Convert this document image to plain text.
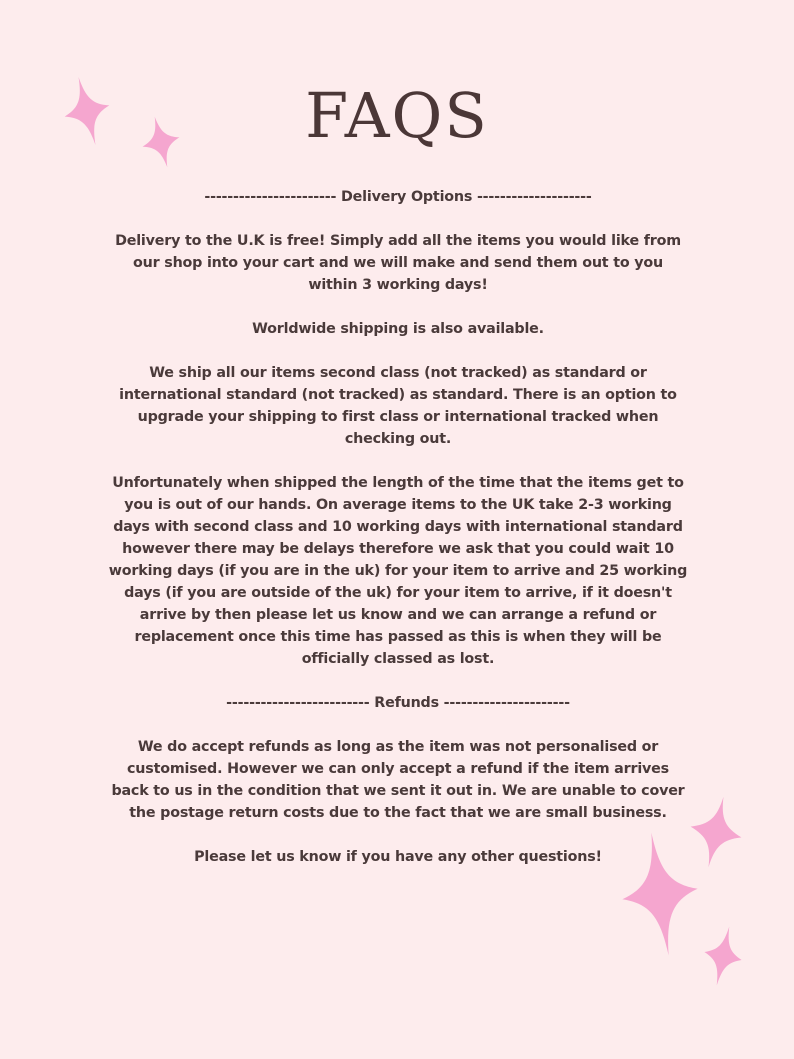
FAQS
----------------------- Delivery Options --------------------

Delivery to the U.K is free! Simply add all the items you would like from our shop into your cart and we will make and send them out to you within 3 working days!

Worldwide shipping is also available.

We ship all our items second class (not tracked) as standard or international standard (not tracked) as standard. There is an option to upgrade your shipping to first class or international tracked when checking out.

Unfortunately when shipped the length of the time that the items get to you is out of our hands. On average items to the UK take 2-3 working days with second class and 10 working days with international standard however there may be delays therefore we ask that you could wait 10 working days (if you are in the uk) for your item to arrive and 25 working days (if you are outside of the uk) for your item to arrive, if it doesn't arrive by then please let us know and we can arrange a refund or replacement once this time has passed as this is when they will be officially classed as lost.

------------------------- Refunds ----------------------

We do accept refunds as long as the item was not personalised or customised. However we can only accept a refund if the item arrives back to us in the condition that we sent it out in. We are unable to cover the postage return costs due to the fact that we are small business.

Please let us know if you have any other questions!
